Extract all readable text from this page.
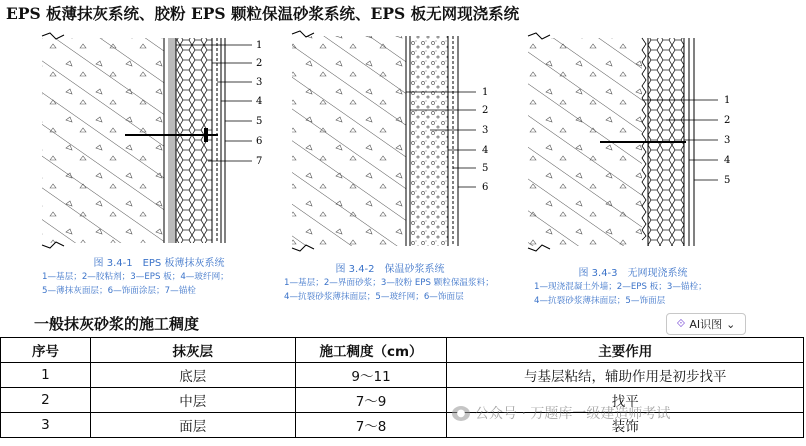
EPS 板薄抹灰系统、胶粉 EPS 颗粒保温砂浆系统、EPS 板无网现浇系统
1
2
3
4
5
6
7
1
2
3
4
5
6
1
2
3
4
5
图 3.4-1　EPS 板薄抹灰系统
1—基层；2—胶粘剂；3—EPS 板；4—玻纤网；
5—薄抹灰面层；6—饰面涂层；7—锚栓
图 3.4-2　保温砂浆系统
1—基层；2—界面砂浆；3—胶粉 EPS 颗粒保温浆料；
4—抗裂砂浆薄抹面层；5—玻纤网；6—饰面层
图 3.4-3　无网现浇系统
1—现浇混凝土外墙；2—EPS 板；3—锚栓；
4—抗裂砂浆薄抹面层；5—饰面层
一般抹灰砂浆的施工稠度	⟐ AI识图 ⌄
序号	抹灰层	施工稠度（cm）	主要作用
1	底层	9～11	与基层粘结，辅助作用是初步找平
2	中层	7～9	找平
3	面层	7～8	装饰
● 公众号 · 万题库一级建造师考试
